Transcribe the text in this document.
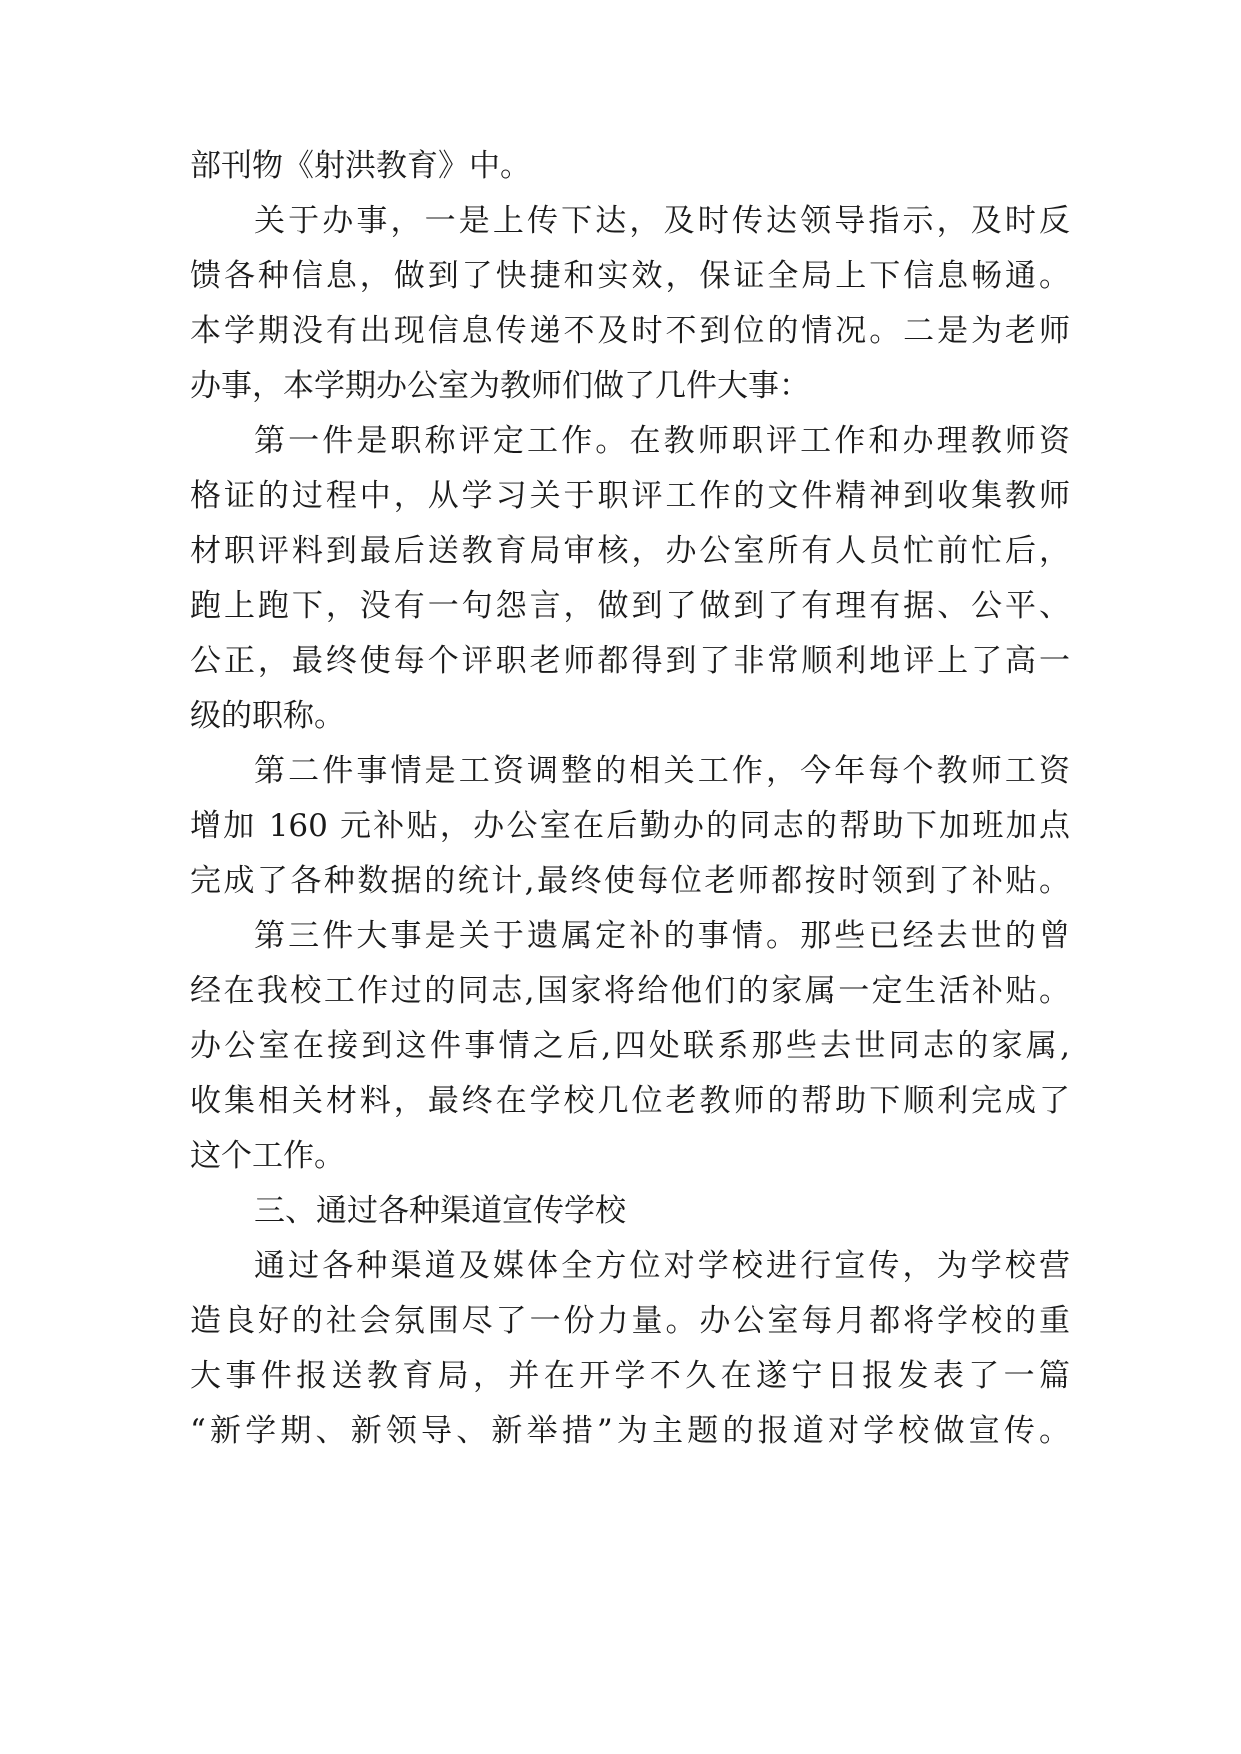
部刊物《射洪教育》中。
关于办事，一是上传下达，及时传达领导指示，及时反
馈各种信息，做到了快捷和实效，保证全局上下信息畅通。
本学期没有出现信息传递不及时不到位的情况。二是为老师
办事，本学期办公室为教师们做了几件大事：
第一件是职称评定工作。在教师职评工作和办理教师资
格证的过程中，从学习关于职评工作的文件精神到收集教师
材职评料到最后送教育局审核，办公室所有人员忙前忙后，
跑上跑下，没有一句怨言，做到了做到了有理有据、公平、
公正，最终使每个评职老师都得到了非常顺利地评上了高一
级的职称。
第二件事情是工资调整的相关工作，今年每个教师工资
增加 160 元补贴，办公室在后勤办的同志的帮助下加班加点
完成了各种数据的统计,最终使每位老师都按时领到了补贴。
第三件大事是关于遗属定补的事情。那些已经去世的曾
经在我校工作过的同志,国家将给他们的家属一定生活补贴。
办公室在接到这件事情之后,四处联系那些去世同志的家属,
收集相关材料，最终在学校几位老教师的帮助下顺利完成了
这个工作。
三、通过各种渠道宣传学校
通过各种渠道及媒体全方位对学校进行宣传，为学校营
造良好的社会氛围尽了一份力量。办公室每月都将学校的重
大事件报送教育局，并在开学不久在遂宁日报发表了一篇
“新学期、新领导、新举措”为主题的报道对学校做宣传。
